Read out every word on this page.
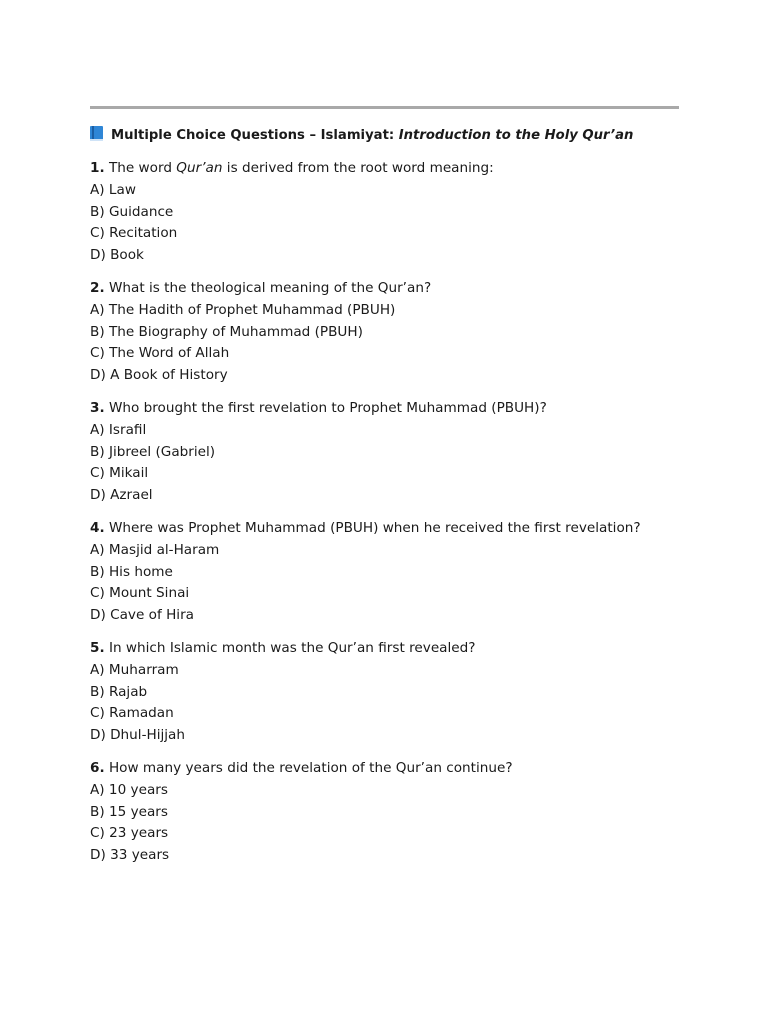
Multiple Choice Questions – Islamiyat: Introduction to the Holy Qur’an
1. The word Qur’an is derived from the root word meaning:
A) Law
B) Guidance
C) Recitation
D) Book
2. What is the theological meaning of the Qur’an?
A) The Hadith of Prophet Muhammad (PBUH)
B) The Biography of Muhammad (PBUH)
C) The Word of Allah
D) A Book of History
3. Who brought the first revelation to Prophet Muhammad (PBUH)?
A) Israfil
B) Jibreel (Gabriel)
C) Mikail
D) Azrael
4. Where was Prophet Muhammad (PBUH) when he received the first revelation?
A) Masjid al-Haram
B) His home
C) Mount Sinai
D) Cave of Hira
5. In which Islamic month was the Qur’an first revealed?
A) Muharram
B) Rajab
C) Ramadan
D) Dhul-Hijjah
6. How many years did the revelation of the Qur’an continue?
A) 10 years
B) 15 years
C) 23 years
D) 33 years
